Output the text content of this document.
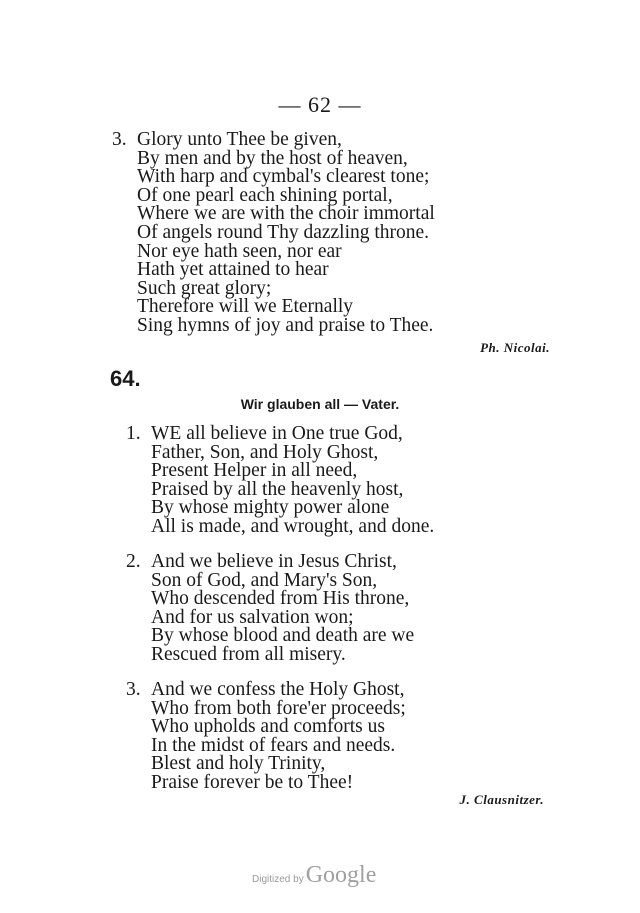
— 62 —
3. Glory unto Thee be given,
By men and by the host of heaven,
With harp and cymbal's clearest tone;
Of one pearl each shining portal,
Where we are with the choir immortal
Of angels round Thy dazzling throne.
Nor eye hath seen, nor ear
Hath yet attained to hear
Such great glory;
Therefore will we Eternally
Sing hymns of joy and praise to Thee.
Ph. Nicolai.
64.
Wir glauben all — Vater.
1. WE all believe in One true God,
Father, Son, and Holy Ghost,
Present Helper in all need,
Praised by all the heavenly host,
By whose mighty power alone
All is made, and wrought, and done.
2. And we believe in Jesus Christ,
Son of God, and Mary's Son,
Who descended from His throne,
And for us salvation won;
By whose blood and death are we
Rescued from all misery.
3. And we confess the Holy Ghost,
Who from both fore'er proceeds;
Who upholds and comforts us
In the midst of fears and needs.
Blest and holy Trinity,
Praise forever be to Thee!
J. Clausnitzer.
Digitized byGoogle
